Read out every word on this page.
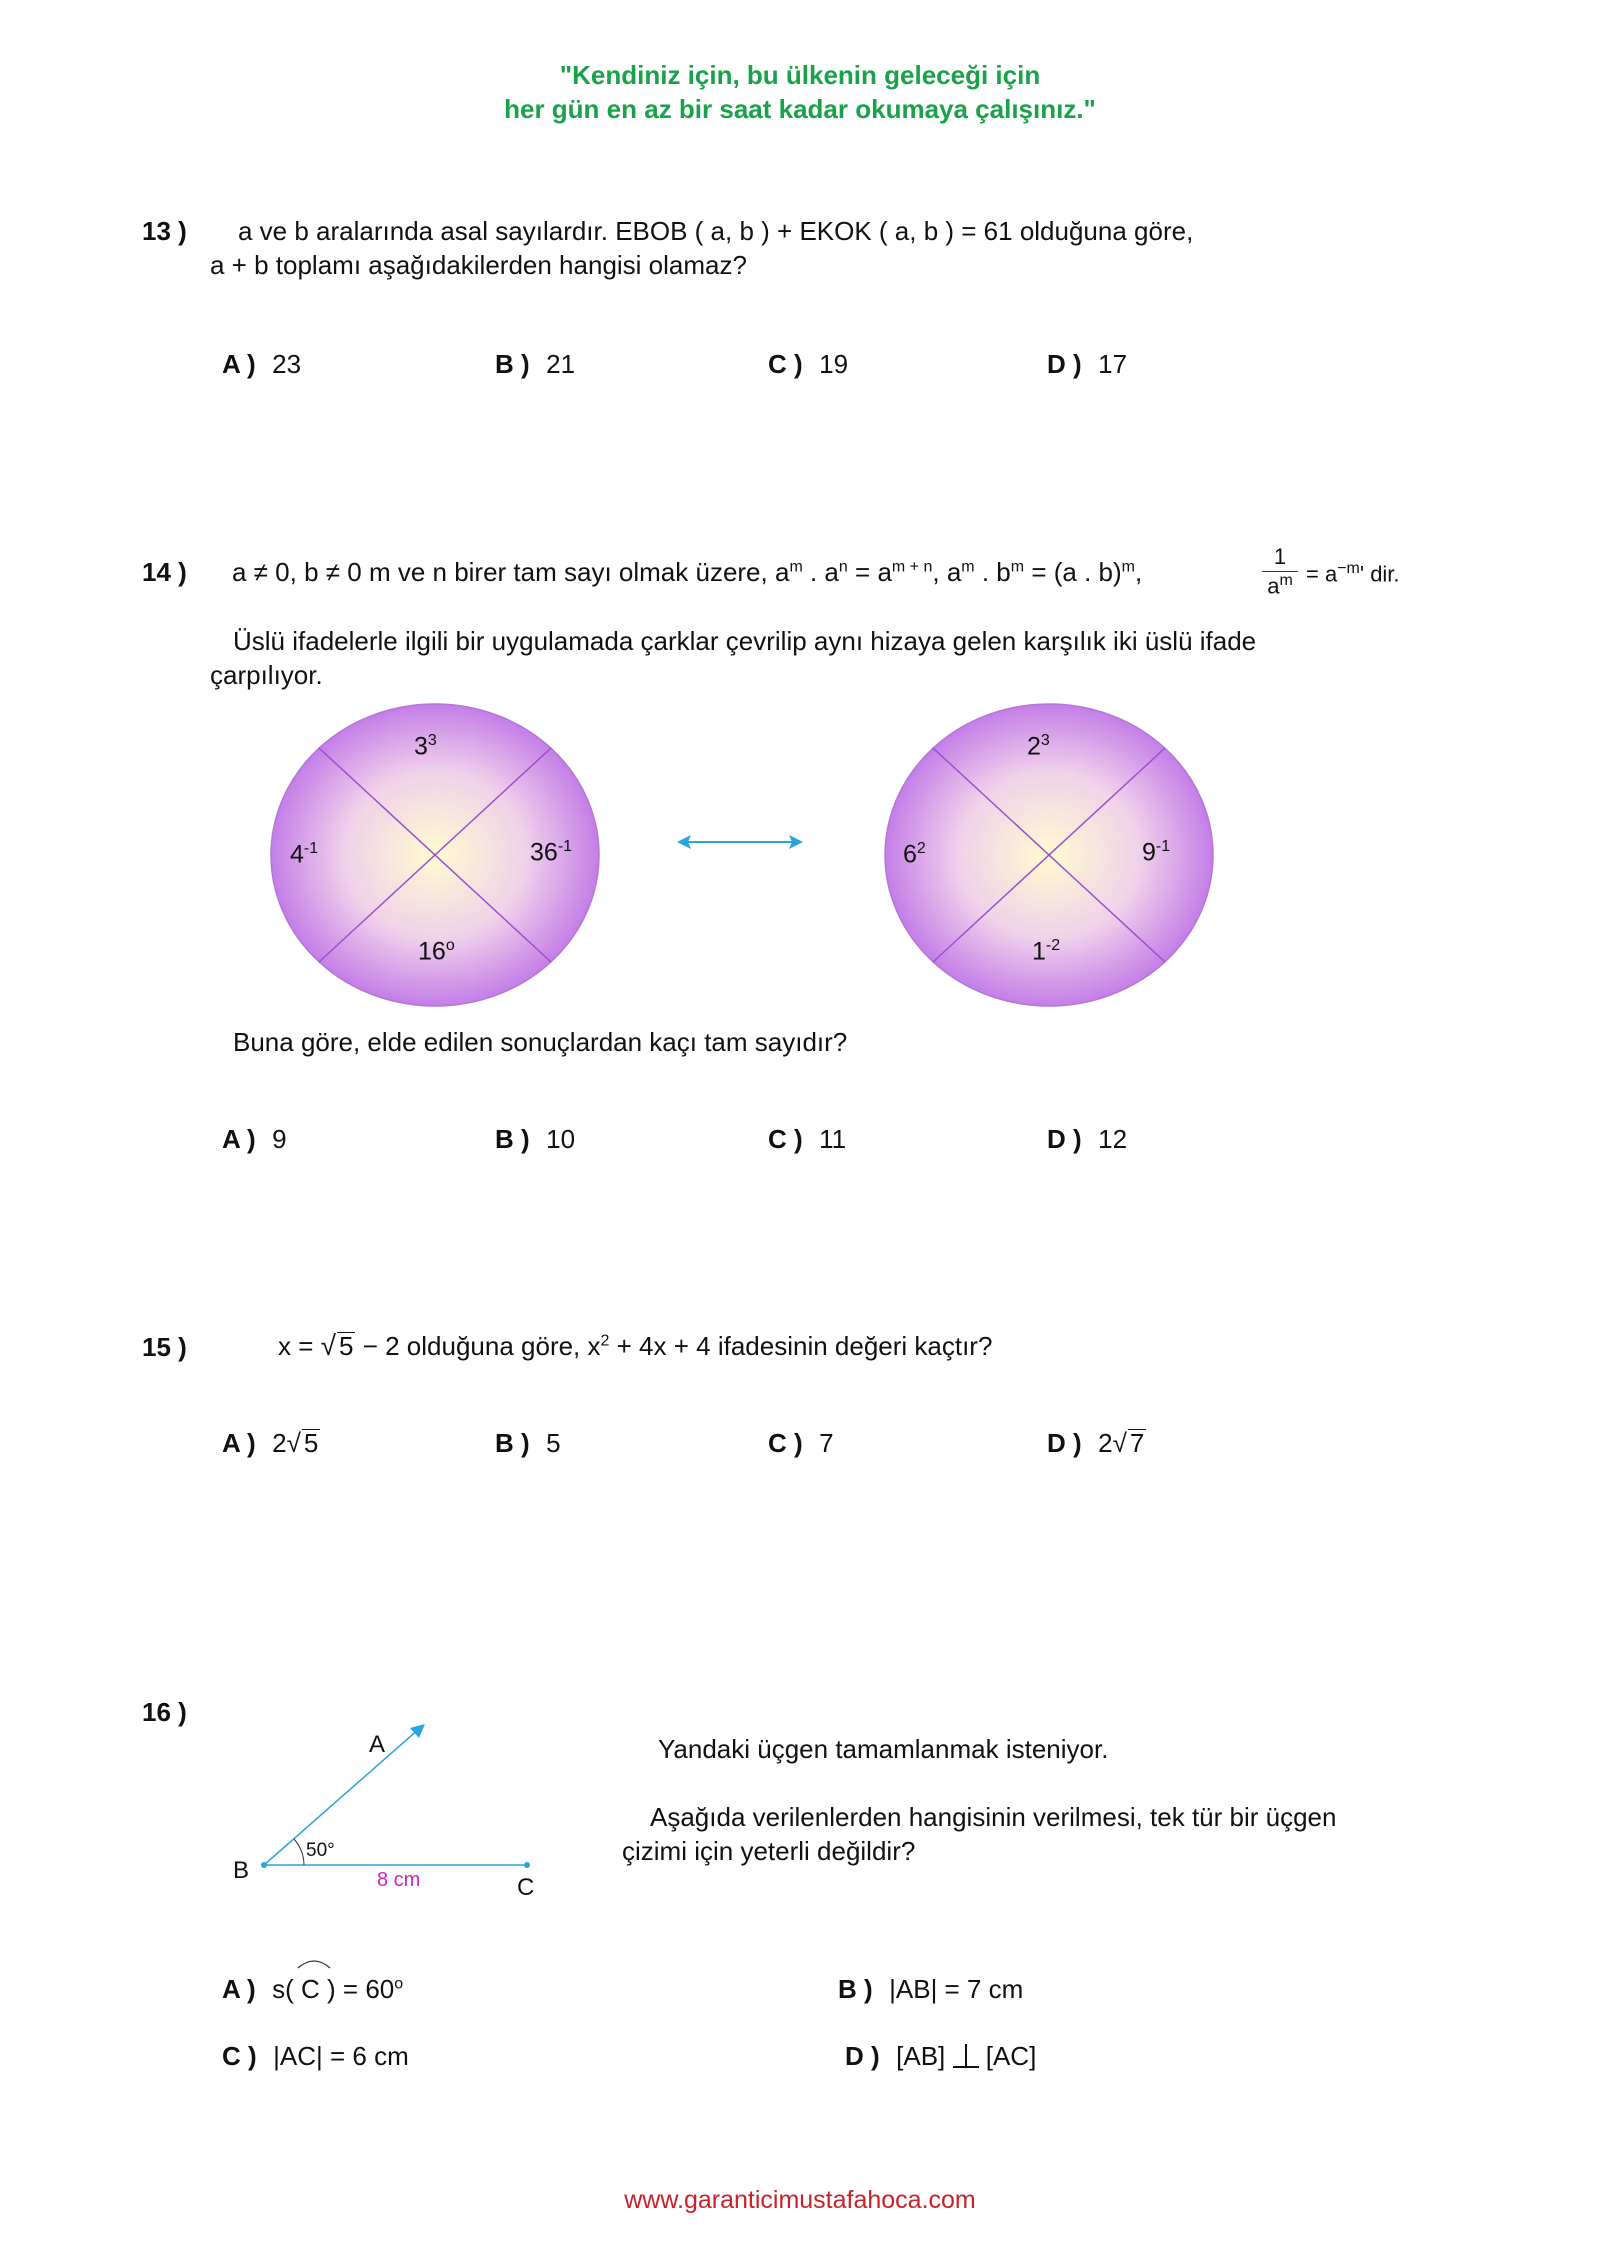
"Kendiniz için, bu ülkenin geleceği için
her gün en az bir saat kadar okumaya çalışınız."
13 ) a ve b aralarında asal sayılardır. EBOB ( a, b ) + EKOK ( a, b ) = 61 olduğuna göre,
a + b toplamı aşağıdakilerden hangisi olamaz?
A ) 23	B ) 21	C ) 19	D ) 17
14 ) a ≠ 0, b ≠ 0 m ve n birer tam sayı olmak üzere, $a^m$ . $a^n = a^{m + n}$, $a^m$ . $b^m = (a$ . b)$^m$,
1
$a^m = a^{-m}'$ dir.
Üslü ifadelerle ilgili bir uygulamada çarklar çevrilip aynı hizaya gelen karşılık iki üslü ifade
çarpılıyor.
$3^3$
$4^{-1}$	$36^{-1}$
16$^o$
$2^3$
$6^2$	$9^{-1}$
$1^{-2}$
Buna göre, elde edilen sonuçlardan kaçı tam sayıdır?
A ) 9	B ) 10	C ) 11	D ) 12
15 )	x = √ 5 − 2 olduğuna göre, $x^2 + 4x + 4$ ifadesinin değeri kaçtır?
A ) 2√ 5	B ) 5	C ) 7	D ) 2√ 7
16 )
A
B
C
50°
8 cm
Yandaki üçgen tamamlanmak isteniyor.
Aşağıda verilenlerden hangisinin verilmesi, tek tür bir üçgen
çizimi için yeterli değildir?
A ) s( C ) = $60^o$	B ) |AB| = 7 cm
C ) |AC| = 6 cm	D ) [AB] [AC]
www.garanticimustafahoca.com
